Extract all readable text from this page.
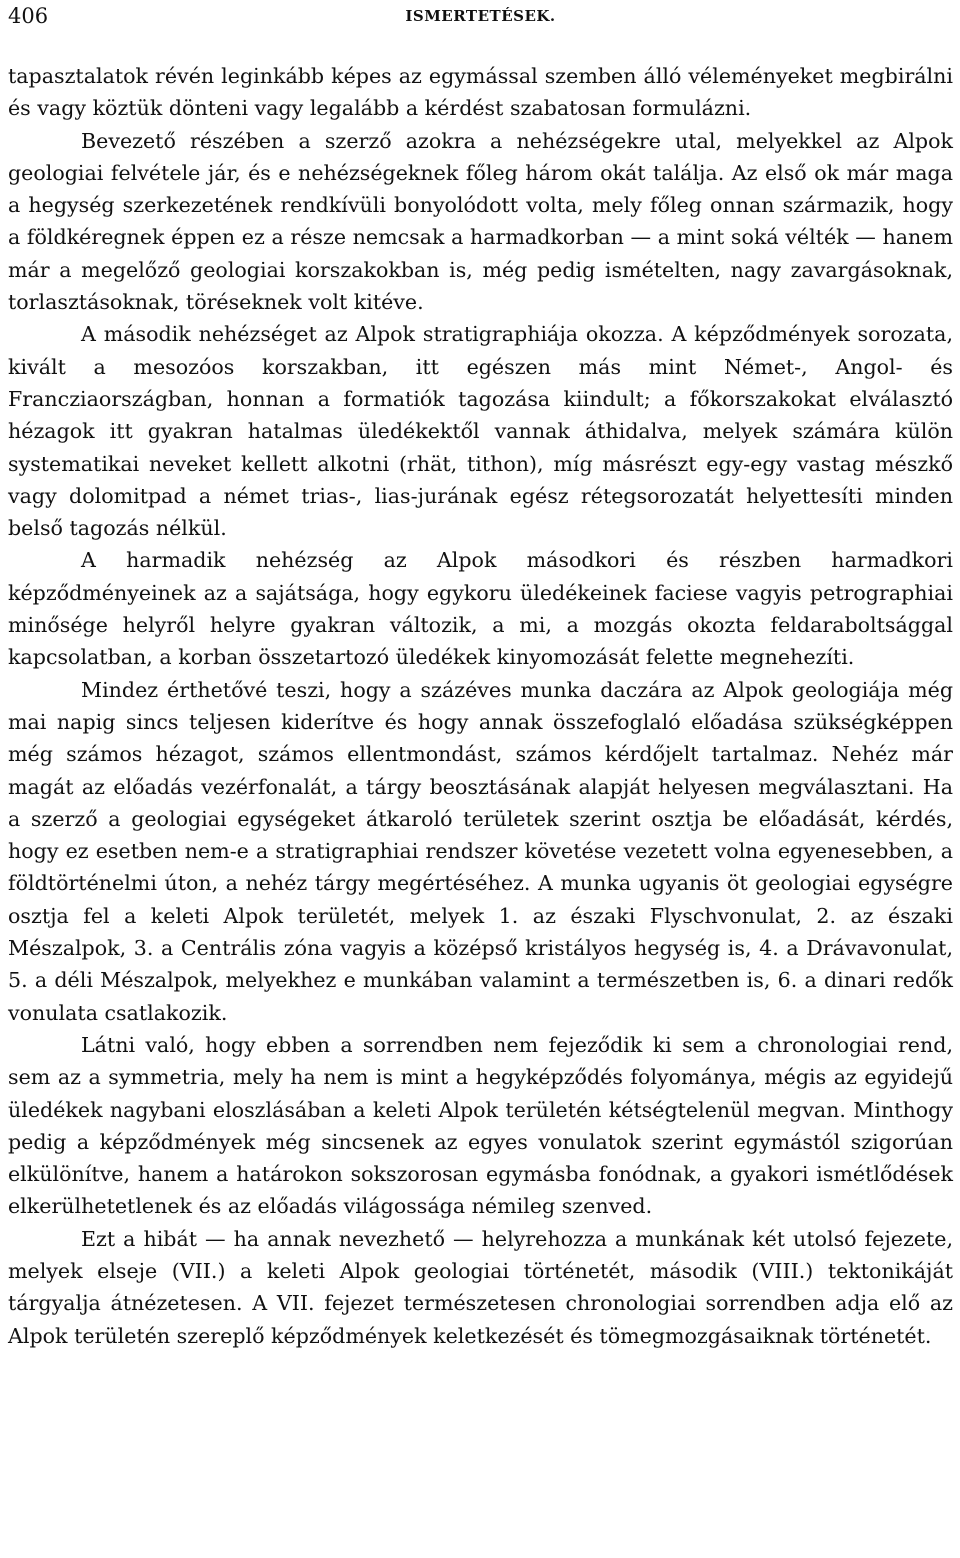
406	ISMERTETÉSEK.

tapasztalatok révén leginkább képes az egymással szemben álló véleményeket megbirálni és vagy köztük dönteni vagy legalább a kérdést szabatosan formulázni.

Bevezető részében a szerző azokra a nehézségekre utal, melyekkel az Alpok geologiai felvétele jár, és e nehézségeknek főleg három okát találja. Az első ok már maga a hegység szerkezetének rendkívüli bonyolódott volta, mely főleg onnan származik, hogy a földkéregnek éppen ez a része nemcsak a harmadkorban — a mint soká vélték — hanem már a megelőző geologiai korszakokban is, még pedig ismételten, nagy zavargásoknak, torlasztásoknak, töréseknek volt kitéve.

A második nehézséget az Alpok stratigraphiája okozza. A képződmények sorozata, kivált a mesozóos korszakban, itt egészen más mint Német-, Angol- és Francziaországban, honnan a formatiók tagozása kiindult; a főkorszakokat elválasztó hézagok itt gyakran hatalmas üledékektől vannak áthidalva, melyek számára külön systematikai neveket kellett alkotni (rhät, tithon), míg másrészt egy-egy vastag mészkő vagy dolomitpad a német trias-, lias-jurának egész rétegsorozatát helyettesíti minden belső tagozás nélkül.

A harmadik nehézség az Alpok másodkori és részben harmadkori képződményeinek az a sajátsága, hogy egykoru üledékeinek faciese vagyis petrographiai minősége helyről helyre gyakran változik, a mi, a mozgás okozta feldaraboltsággal kapcsolatban, a korban összetartozó üledékek kinyomozását felette megnehezíti.

Mindez érthetővé teszi, hogy a százéves munka daczára az Alpok geologiája még mai napig sincs teljesen kiderítve és hogy annak összefoglaló előadása szükségképpen még számos hézagot, számos ellentmondást, számos kérdőjelt tartalmaz. Nehéz már magát az előadás vezérfonalát, a tárgy beosztásának alapját helyesen megválasztani. Ha a szerző a geologiai egységeket átkaroló területek szerint osztja be előadását, kérdés, hogy ez esetben nem-e a stratigraphiai rendszer követése vezetett volna egyenesebben, a földtörténelmi úton, a nehéz tárgy megértéséhez. A munka ugyanis öt geologiai egységre osztja fel a keleti Alpok területét, melyek 1. az északi Flyschvonulat, 2. az északi Mészalpok, 3. a Centrális zóna vagyis a középső kristályos hegység is, 4. a Drávavonulat, 5. a déli Mészalpok, melyekhez e munkában valamint a természetben is, 6. a dinari redők vonulata csatlakozik.

Látni való, hogy ebben a sorrendben nem fejeződik ki sem a chronologiai rend, sem az a symmetria, mely ha nem is mint a hegyképződés folyománya, mégis az egyidejű üledékek nagybani eloszlásában a keleti Alpok területén kétségtelenül megvan. Minthogy pedig a képződmények még sincsenek az egyes vonulatok szerint egymástól szigorúan elkülönítve, hanem a határokon sokszorosan egymásba fonódnak, a gyakori ismétlődések elkerülhetetlenek és az előadás világossága némileg szenved.

Ezt a hibát — ha annak nevezhető — helyrehozza a munkának két utolsó fejezete, melyek elseje (VII.) a keleti Alpok geologiai történetét, második (VIII.) tektonikáját tárgyalja átnézetesen. A VII. fejezet természetesen chronologiai sorrendben adja elő az Alpok területén szereplő képződmények keletkezését és tömegmozgásaiknak történetét.
